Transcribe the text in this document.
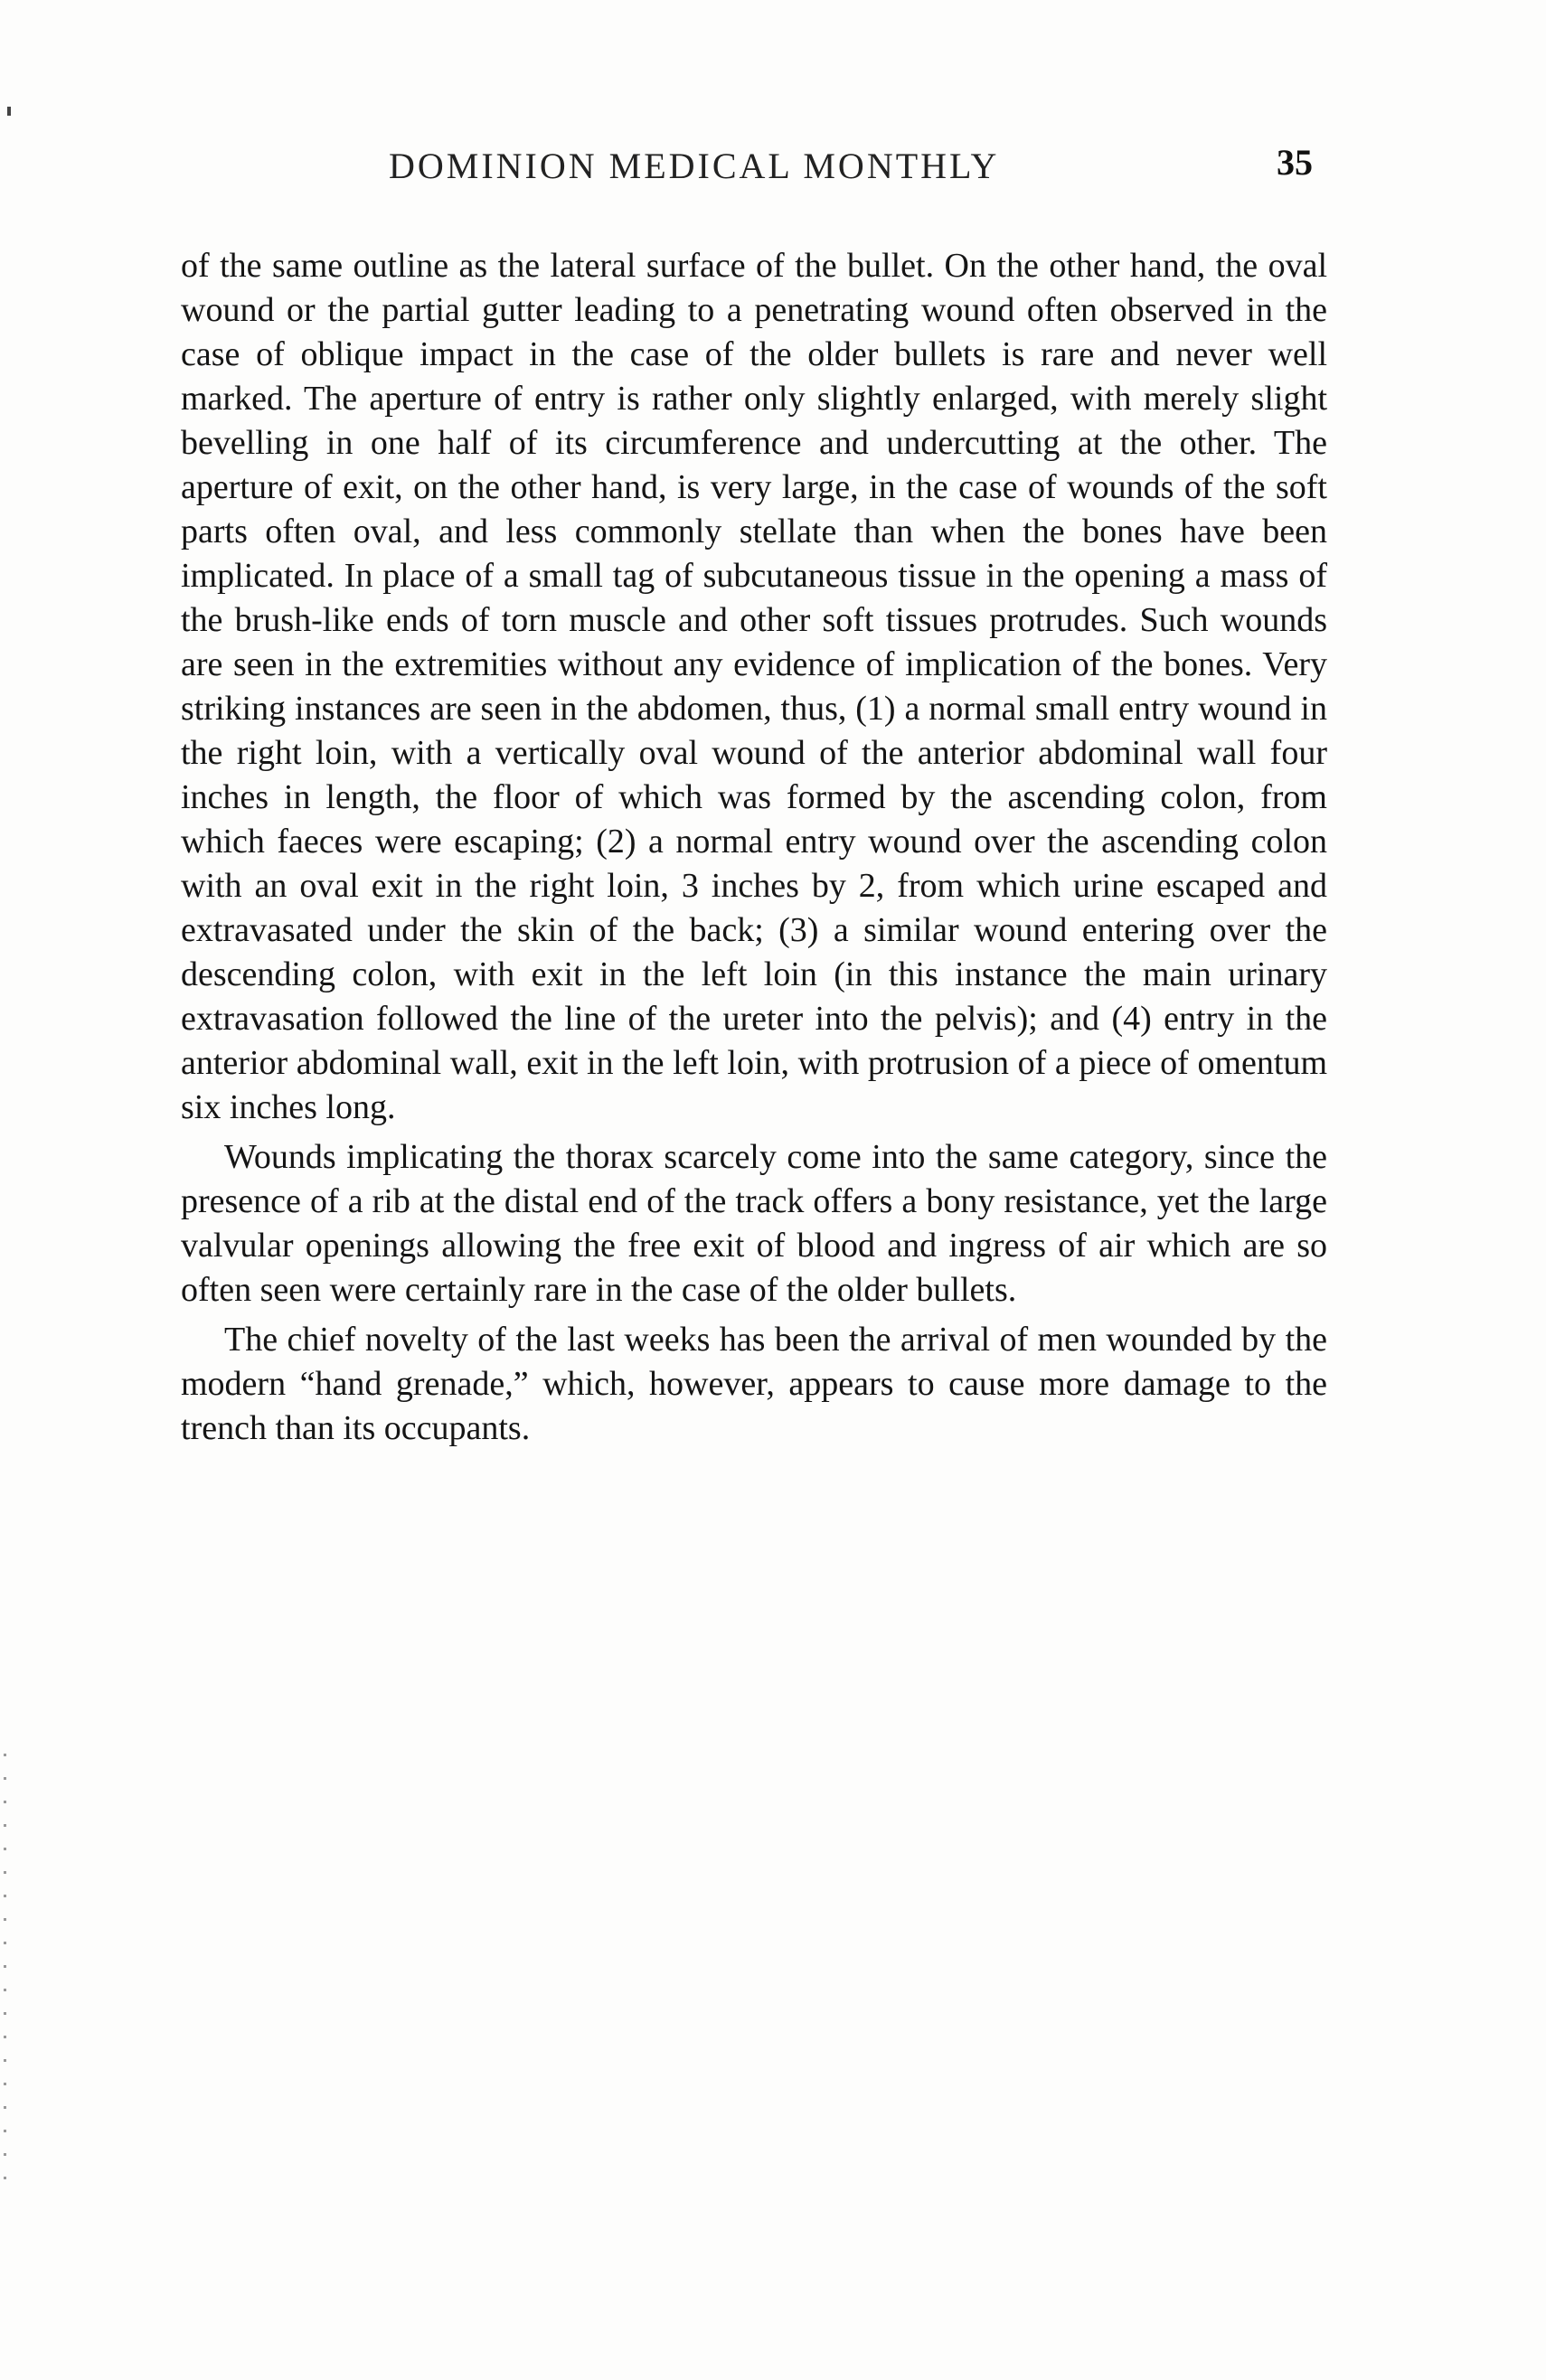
DOMINION MEDICAL MONTHLY	35

of the same outline as the lateral surface of the bullet. On the other hand, the oval wound or the partial gutter leading to a penetrating wound often observed in the case of oblique impact in the case of the older bullets is rare and never well marked. The aperture of entry is rather only slightly enlarged, with merely slight bevelling in one half of its circumference and undercutting at the other. The aperture of exit, on the other hand, is very large, in the case of wounds of the soft parts often oval, and less commonly stellate than when the bones have been implicated. In place of a small tag of subcutaneous tissue in the opening a mass of the brush-like ends of torn muscle and other soft tissues protrudes. Such wounds are seen in the extremities without any evidence of implication of the bones. Very striking instances are seen in the abdomen, thus, (1) a normal small entry wound in the right loin, with a vertically oval wound of the anterior abdominal wall four inches in length, the floor of which was formed by the ascending colon, from which faeces were escaping; (2) a normal entry wound over the ascending colon with an oval exit in the right loin, 3 inches by 2, from which urine escaped and extravasated under the skin of the back; (3) a similar wound entering over the descending colon, with exit in the left loin (in this instance the main urinary extravasation followed the line of the ureter into the pelvis); and (4) entry in the anterior abdominal wall, exit in the left loin, with protrusion of a piece of omentum six inches long.

Wounds implicating the thorax scarcely come into the same category, since the presence of a rib at the distal end of the track offers a bony resistance, yet the large valvular openings allowing the free exit of blood and ingress of air which are so often seen were certainly rare in the case of the older bullets.

The chief novelty of the last weeks has been the arrival of men wounded by the modern “hand grenade,” which, however, appears to cause more damage to the trench than its occupants.
